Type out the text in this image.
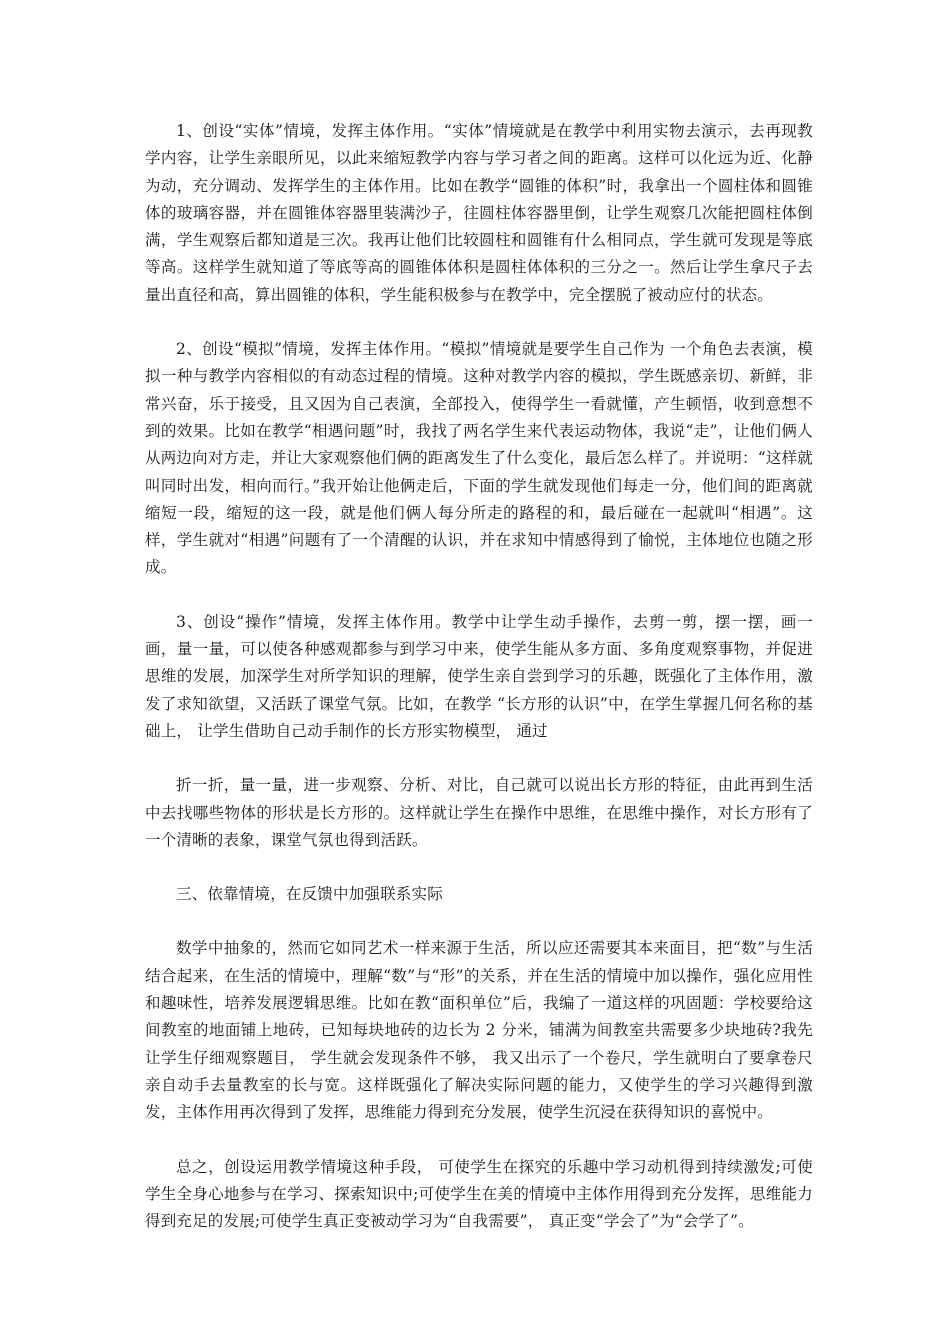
1、创设“实体”情境，发挥主体作用。“实体”情境就是在教学中利用实物去演示，去再现教学内容，让学生亲眼所见，以此来缩短教学内容与学习者之间的距离。这样可以化远为近、化静为动，充分调动、发挥学生的主体作用。比如在教学“圆锥的体积”时，我拿出一个圆柱体和圆锥体的玻璃容器，并在圆锥体容器里装满沙子，往圆柱体容器里倒，让学生观察几次能把圆柱体倒满，学生观察后都知道是三次。我再让他们比较圆柱和圆锥有什么相同点，学生就可发现是等底等高。这样学生就知道了等底等高的圆锥体体积是圆柱体体积的三分之一。然后让学生拿尺子去量出直径和高，算出圆锥的体积，学生能积极参与在教学中，完全摆脱了被动应付的状态。

2、创设“模拟”情境，发挥主体作用。“模拟”情境就是要学生自己作为 一个角色去表演，模拟一种与教学内容相似的有动态过程的情境。这种对教学内容的模拟，学生既感亲切、新鲜，非常兴奋，乐于接受，且又因为自己表演，全部投入，使得学生一看就懂，产生顿悟，收到意想不到的效果。比如在教学“相遇问题”时，我找了两名学生来代表运动物体，我说“走”，让他们俩人从两边向对方走，并让大家观察他们俩的距离发生了什么变化，最后怎么样了。并说明：“这样就叫同时出发，相向而行。”我开始让他俩走后，下面的学生就发现他们每走一分，他们间的距离就缩短一段，缩短的这一段，就是他们俩人每分所走的路程的和，最后碰在一起就叫“相遇”。这样，学生就对“相遇”问题有了一个清醒的认识，并在求知中情感得到了愉悦，主体地位也随之形成。

3、创设“操作”情境，发挥主体作用。教学中让学生动手操作，去剪一剪，摆一摆，画一画，量一量，可以使各种感观都参与到学习中来，使学生能从多方面、多角度观察事物，并促进思维的发展，加深学生对所学知识的理解，使学生亲自尝到学习的乐趣，既强化了主体作用，激发了求知欲望，又活跃了课堂气氛。比如，在教学 “长方形的认识”中，在学生掌握几何名称的基础上， 让学生借助自己动手制作的长方形实物模型， 通过

折一折，量一量，进一步观察、分析、对比，自己就可以说出长方形的特征，由此再到生活中去找哪些物体的形状是长方形的。这样就让学生在操作中思维，在思维中操作，对长方形有了一个清晰的表象，课堂气氛也得到活跃。

三、依靠情境，在反馈中加强联系实际

数学中抽象的，然而它如同艺术一样来源于生活，所以应还需要其本来面目，把“数”与生活结合起来，在生活的情境中，理解“数”与“形”的关系，并在生活的情境中加以操作，强化应用性和趣味性，培养发展逻辑思维。比如在教“面积单位”后，我编了一道这样的巩固题：学校要给这间教室的地面铺上地砖，已知每块地砖的边长为 2 分米，铺满为间教室共需要多少块地砖?我先让学生仔细观察题目， 学生就会发现条件不够， 我又出示了一个卷尺，学生就明白了要拿卷尺亲自动手去量教室的长与宽。这样既强化了解决实际问题的能力，又使学生的学习兴趣得到激发，主体作用再次得到了发挥，思维能力得到充分发展，使学生沉浸在获得知识的喜悦中。

总之，创设运用教学情境这种手段， 可使学生在探究的乐趣中学习动机得到持续激发;可使学生全身心地参与在学习、探索知识中;可使学生在美的情境中主体作用得到充分发挥，思维能力得到充足的发展;可使学生真正变被动学习为“自我需要”， 真正变“学会了”为“会学了”。
